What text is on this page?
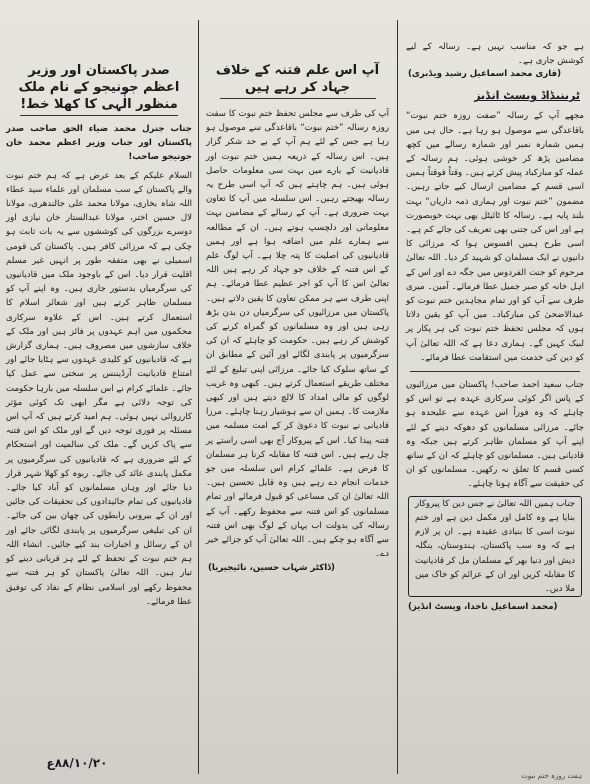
ہے جو کہ مناسب نہیں ہے۔ رسالہ کے لیے کوشش جاری ہے۔
(قاری محمد اسماعیل رشید ویڈبری)
ٹرینیڈاڈ ویسٹ انڈیز
مجھے آپ کے رسالہ ”صفت روزہ ختم نبوت“ باقاعدگی سے موصول ہو رہا ہے۔ حال ہی میں ہمیں شمارہ نمبر اور شمارہ رسالے میں کچھ مضامین پڑھ کر خوشی ہوئی۔ ہم رسالہ کے عملہ کو مبارکباد پیش کرتے ہیں۔ وقتاً فوقتاً ہمیں اسی قسم کے مضامین ارسال کیے جاتے رہیں۔ مضمون ”ختم نبوت اور ہماری ذمہ داریاں“ بہت بلند پایہ ہے۔ رسالہ کا ٹائیٹل بھی بہت خوبصورت ہے اور اس کی جتنی بھی تعریف کی جائے کم ہے۔ اسی طرح ہمیں افسوس ہوا کہ مرزائی کا دانیوں نے ایک مسلمان کو شہید کر دیا۔ اللہ تعالیٰ مرحوم کو جنت الفردوس میں جگہ دے اور اس کے اہل خانہ کو صبر جمیل عطا فرمائے۔ آمین۔ میری طرف سے آپ کو اور تمام مجاہدین ختم نبوت کو عیدالاضحیٰ کی مبارکباد۔ میں آپ کو یقین دلاتا ہوں کہ مجلس تحفظ ختم نبوت کی ہر پکار پر لبیک کہیں گے۔ ہماری دعا ہے کہ اللہ تعالیٰ آپ کو دین کی خدمت میں استقامت عطا فرمائے۔
جناب سعید احمد صاحب! پاکستان میں مرزائیوں کے پاس اگر کوئی سرکاری عہدہ ہے تو اس کو چاہئے کہ وہ فوراً اس عہدہ سے علیحدہ ہو جائے۔ مرزائی مسلمانوں کو دھوکہ دینے کے لئے اپنے آپ کو مسلمان ظاہر کرتے ہیں جبکہ وہ قادیانی ہیں۔ مسلمانوں کو چاہئے کہ ان کے ساتھ کسی قسم کا تعلق نہ رکھیں۔ مسلمانوں کو ان کی حقیقت سے آگاہ ہونا چاہئے۔
جناب ہمیں اللہ تعالیٰ نے جس دین کا پیروکار بنایا ہے وہ کامل اور مکمل دین ہے اور ختم نبوت اسی کا بنیادی عقیدہ ہے۔ ان پر لازم ہے کہ وہ سب پاکستان، ہندوستان، بنگلہ دیش اور دنیا بھر کے مسلمان مل کر قادیانیت کا مقابلہ کریں اور ان کے عزائم کو خاک میں ملا دیں۔
(محمد اسماعیل ناخدا، ویسٹ انڈیز)
آپ اس علم فتنہ کے خلاف جہاد کر رہے ہیں
آپ کی طرف سے مجلس تحفظ ختم نبوت کا سفت روزہ رسالہ ”ختم نبوت“ باقاعدگی سے موصول ہو رہا ہے جس کے لئے ہم آپ کے بے حد شکر گزار ہیں۔ اس رسالہ کے ذریعہ ہمیں ختم نبوت اور قادیانیت کے بارے میں بہت سی معلومات حاصل ہوئی ہیں۔ ہم چاہتے ہیں کہ آپ اسی طرح یہ رسالہ بھیجتے رہیں۔ اس سلسلہ میں آپ کا تعاون بہت ضروری ہے۔ آپ کے رسالے کے مضامین بہت معلوماتی اور دلچسپ ہوتے ہیں۔ ان کے مطالعہ سے ہمارے علم میں اضافہ ہوا ہے اور ہمیں قادیانیوں کی اصلیت کا پتہ چلا ہے۔ آپ لوگ علم کے اس فتنہ کے خلاف جو جہاد کر رہے ہیں اللہ تعالیٰ اس کا آپ کو اجر عظیم عطا فرمائے۔ ہم اپنی طرف سے ہر ممکن تعاون کا یقین دلاتے ہیں۔ پاکستان میں مرزائیوں کی سرگرمیاں دن بدن بڑھ رہی ہیں اور وہ مسلمانوں کو گمراہ کرنے کی کوشش کر رہے ہیں۔ حکومت کو چاہئے کہ ان کی سرگرمیوں پر پابندی لگائے اور آئین کے مطابق ان کے ساتھ سلوک کیا جائے۔ مرزائی اپنی تبلیغ کے لئے مختلف طریقے استعمال کرتے ہیں۔ کبھی وہ غریب لوگوں کو مالی امداد کا لالچ دیتے ہیں اور کبھی ملازمت کا۔ ہمیں ان سے ہوشیار رہنا چاہئے۔ مرزا قادیانی نے نبوت کا دعویٰ کر کے امت مسلمہ میں فتنہ پیدا کیا۔ اس کے پیروکار آج بھی اسی راستے پر چل رہے ہیں۔ اس فتنہ کا مقابلہ کرنا ہر مسلمان کا فرض ہے۔ علمائے کرام اس سلسلہ میں جو خدمات انجام دے رہے ہیں وہ قابل تحسین ہیں۔ اللہ تعالیٰ ان کی مساعی کو قبول فرمائے اور تمام مسلمانوں کو اس فتنہ سے محفوظ رکھے۔ آپ کے رسالہ کی بدولت اب یہاں کے لوگ بھی اس فتنہ سے آگاہ ہو چکے ہیں۔ اللہ تعالیٰ آپ کو جزائے خیر دے۔
(ڈاکٹر شہاب حسین، نائیجیریا)
صدر پاکستان اور وزیر اعظم جونیجو کے نام ملک منظور الٰہی کا کھلا خط!
جناب جنرل محمد ضیاء الحق صاحب صدر پاکستان اور جناب وزیر اعظم محمد خان جونیجو صاحب!
السلام علیکم کے بعد عرض ہے کہ ہم ختم نبوت والے پاکستان کے سب مسلمان اور علماء سید عطاء اللہ شاہ بخاری، مولانا محمد علی جالندھری، مولانا لال حسین اختر، مولانا عبدالستار خان نیازی اور دوسرے بزرگوں کی کوششوں سے یہ بات ثابت ہو چکی ہے کہ مرزائی کافر ہیں۔ پاکستان کی قومی اسمبلی نے بھی متفقہ طور پر انہیں غیر مسلم اقلیت قرار دیا۔ اس کے باوجود ملک میں قادیانیوں کی سرگرمیاں بدستور جاری ہیں۔ وہ اپنے آپ کو مسلمان ظاہر کرتے ہیں اور شعائر اسلام کا استعمال کرتے ہیں۔ اس کے علاوہ سرکاری محکموں میں اہم عہدوں پر فائز ہیں اور ملک کے خلاف سازشوں میں مصروف ہیں۔ ہماری گزارش ہے کہ قادیانیوں کو کلیدی عہدوں سے ہٹایا جائے اور امتناع قادیانیت آرڈیننس پر سختی سے عمل کیا جائے۔ علمائے کرام نے اس سلسلہ میں بارہا حکومت کی توجہ دلائی ہے مگر ابھی تک کوئی مؤثر کارروائی نہیں ہوئی۔ ہم امید کرتے ہیں کہ آپ اس مسئلہ پر فوری توجہ دیں گے اور ملک کو اس فتنہ سے پاک کریں گے۔ ملک کی سالمیت اور استحکام کے لئے ضروری ہے کہ قادیانیوں کی سرگرمیوں پر مکمل پابندی عائد کی جائے۔ ربوہ کو کھلا شہر قرار دیا جائے اور وہاں مسلمانوں کو آباد کیا جائے۔ قادیانیوں کی تمام جائیدادوں کی تحقیقات کی جائیں اور ان کے بیرونی رابطوں کی چھان بین کی جائے۔ ان کی تبلیغی سرگرمیوں پر پابندی لگائی جائے اور ان کے رسائل و اخبارات بند کیے جائیں۔ انشاء اللہ ہم ختم نبوت کے تحفظ کے لئے ہر قربانی دینے کو تیار ہیں۔ اللہ تعالیٰ پاکستان کو ہر فتنہ سے محفوظ رکھے اور اسلامی نظام کے نفاذ کی توفیق عطا فرمائے۔
۸۸/۱۰/۲۰ع
ہفت روزہ ختم نبوت
